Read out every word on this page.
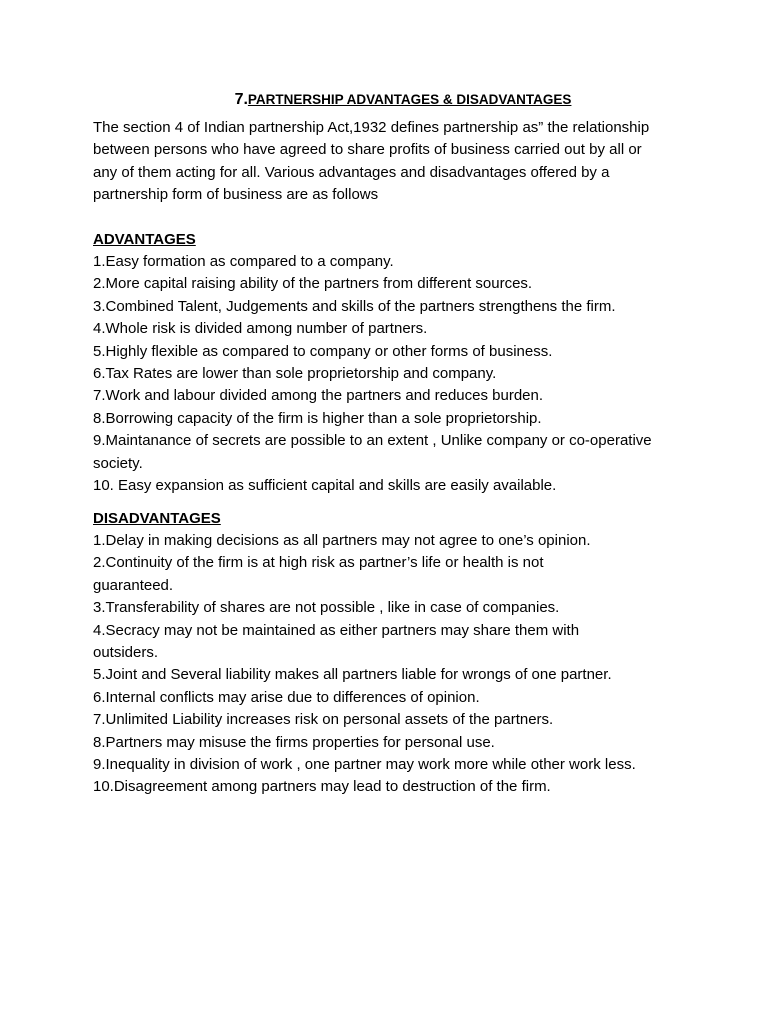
7.PARTNERSHIP ADVANTAGES & DISADVANTAGES

The section 4 of Indian partnership Act,1932 defines partnership as” the relationship between persons who have agreed to share profits of business carried out by all or any of them acting for all. Various advantages and disadvantages offered by a partnership form of business are as follows

ADVANTAGES

1.Easy formation as compared to a company.

2.More capital raising ability of the partners from different sources.

3.Combined Talent, Judgements and skills of the partners strengthens the firm.

4.Whole risk is divided among number of partners.

5.Highly flexible as compared to company or other forms of business.

6.Tax Rates are lower than sole proprietorship and company.

7.Work and labour divided among the partners and reduces burden.

8.Borrowing capacity of the firm is higher than a sole proprietorship.

9.Maintanance of secrets are possible to an extent , Unlike company or co-operative society.

10. Easy expansion as sufficient capital and skills are easily available.

DISADVANTAGES

1.Delay in making decisions as all partners may not agree to one’s opinion.

2.Continuity of the firm is at high risk as partner’s life or health is not guaranteed.

3.Transferability of shares are not possible , like in case of companies.

4.Secracy may not be maintained as either partners may share them with outsiders.

5.Joint and Several liability makes all partners liable for wrongs of one partner.

6.Internal conflicts may arise due to differences of opinion.

7.Unlimited Liability increases risk on personal assets of the partners.

8.Partners may misuse the firms properties for personal use.

9.Inequality in division of work , one partner may work more while other work less.

10.Disagreement among partners may lead to destruction of the firm.
